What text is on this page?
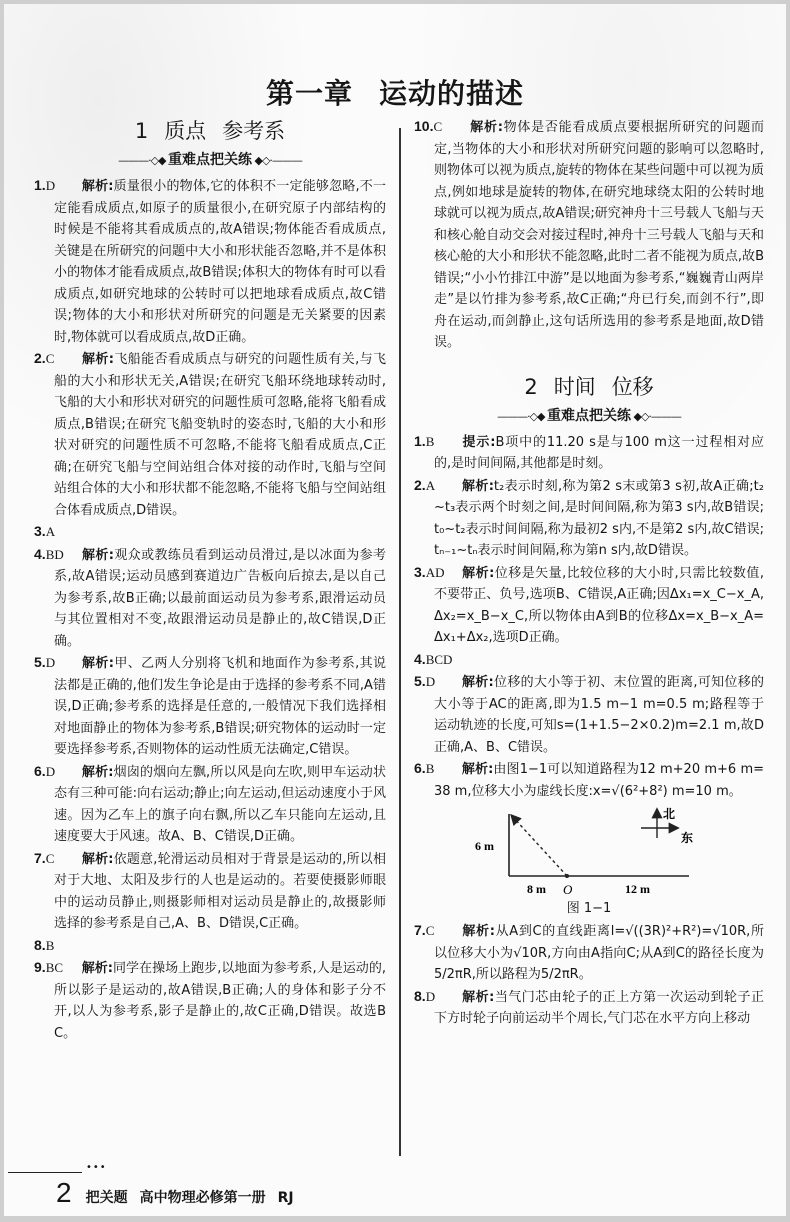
第一章 运动的描述
1 质点 参考系
———·◇◆ 重难点把关练 ◆◇·———
1.D 解析:质量很小的物体,它的体积不一定能够忽略,不一定能看成质点,如原子的质量很小,在研究原子内部结构的时候是不能将其看成质点的,故A错误;物体能否看成质点,关键是在所研究的问题中大小和形状能否忽略,并不是体积小的物体才能看成质点,故B错误;体积大的物体有时可以看成质点,如研究地球的公转时可以把地球看成质点,故C错误;物体的大小和形状对所研究的问题是无关紧要的因素时,物体就可以看成质点,故D正确。
2.C 解析:飞船能否看成质点与研究的问题性质有关,与飞船的大小和形状无关,A错误;在研究飞船环绕地球转动时,飞船的大小和形状对研究的问题性质可忽略,能将飞船看成质点,B错误;在研究飞船变轨时的姿态时,飞船的大小和形状对研究的问题性质不可忽略,不能将飞船看成质点,C正确;在研究飞船与空间站组合体对接的动作时,飞船与空间站组合体的大小和形状都不能忽略,不能将飞船与空间站组合体看成质点,D错误。
3.A
4.BD 解析:观众或教练员看到运动员滑过,是以冰面为参考系,故A错误;运动员感到赛道边广告板向后掠去,是以自己为参考系,故B正确;以最前面运动员为参考系,跟滑运动员与其位置相对不变,故跟滑运动员是静止的,故C错误,D正确。
5.D 解析:甲、乙两人分别将飞机和地面作为参考系,其说法都是正确的,他们发生争论是由于选择的参考系不同,A错误,D正确;参考系的选择是任意的,一般情况下我们选择相对地面静止的物体为参考系,B错误;研究物体的运动时一定要选择参考系,否则物体的运动性质无法确定,C错误。
6.D 解析:烟囱的烟向左飘,所以风是向左吹,则甲车运动状态有三种可能:向右运动;静止;向左运动,但运动速度小于风速。因为乙车上的旗子向右飘,所以乙车只能向左运动,且速度要大于风速。故A、B、C错误,D正确。
7.C 解析:依题意,轮滑运动员相对于背景是运动的,所以相对于大地、太阳及步行的人也是运动的。若要使摄影师眼中的运动员静止,则摄影师相对运动员是静止的,故摄影师选择的参考系是自己,A、B、D错误,C正确。
8.B
9.BC 解析:同学在操场上跑步,以地面为参考系,人是运动的,所以影子是运动的,故A错误,B正确;人的身体和影子分不开,以人为参考系,影子是静止的,故C正确,D错误。故选BC。
10.C 解析:物体是否能看成质点要根据所研究的问题而定,当物体的大小和形状对所研究问题的影响可以忽略时,则物体可以视为质点,旋转的物体在某些问题中可以视为质点,例如地球是旋转的物体,在研究地球绕太阳的公转时地球就可以视为质点,故A错误;研究神舟十三号载人飞船与天和核心舱自动交会对接过程时,神舟十三号载人飞船与天和核心舱的大小和形状不能忽略,此时二者不能视为质点,故B错误;“小小竹排江中游”是以地面为参考系,“巍巍青山两岸走”是以竹排为参考系,故C正确;“舟已行矣,而剑不行”,即舟在运动,而剑静止,这句话所选用的参考系是地面,故D错误。
2 时间 位移
———·◇◆ 重难点把关练 ◆◇·———
1.B 提示:B项中的11.20 s是与100 m这一过程相对应的,是时间间隔,其他都是时刻。
2.A 解析:t₂表示时刻,称为第2 s末或第3 s初,故A正确;t₂~t₃表示两个时刻之间,是时间间隔,称为第3 s内,故B错误;t₀~t₂表示时间间隔,称为最初2 s内,不是第2 s内,故C错误;tₙ₋₁~tₙ表示时间间隔,称为第n s内,故D错误。
3.AD 解析:位移是矢量,比较位移的大小时,只需比较数值,不要带正、负号,选项B、C错误,A正确;因Δx₁=x_C−x_A,Δx₂=x_B−x_C,所以物体由A到B的位移Δx=x_B−x_A=Δx₁+Δx₂,选项D正确。
4.BCD
5.D 解析:位移的大小等于初、末位置的距离,可知位移的大小等于AC的距离,即为1.5 m−1 m=0.5 m;路程等于运动轨迹的长度,可知s=(1+1.5−2×0.2)m=2.1 m,故D正确,A、B、C错误。
6.B 解析:由图1−1可以知道路程为12 m+20 m+6 m=38 m,位移大小为虚线长度:x=√(6²+8²) m=10 m。
6 m
8 m O	12 m
北
东
图 1−1
7.C 解析:从A到C的直线距离l=√((3R)²+R²)=√10R,所以位移大小为√10R,方向由A指向C;从A到C的路径长度为5/2πR,所以路程为5/2πR。
8.D 解析:当气门芯由轮子的正上方第一次运动到轮子正下方时轮子向前运动半个周长,气门芯在水平方向上移动
•••
2 把关题 高中物理必修第一册 RJ
